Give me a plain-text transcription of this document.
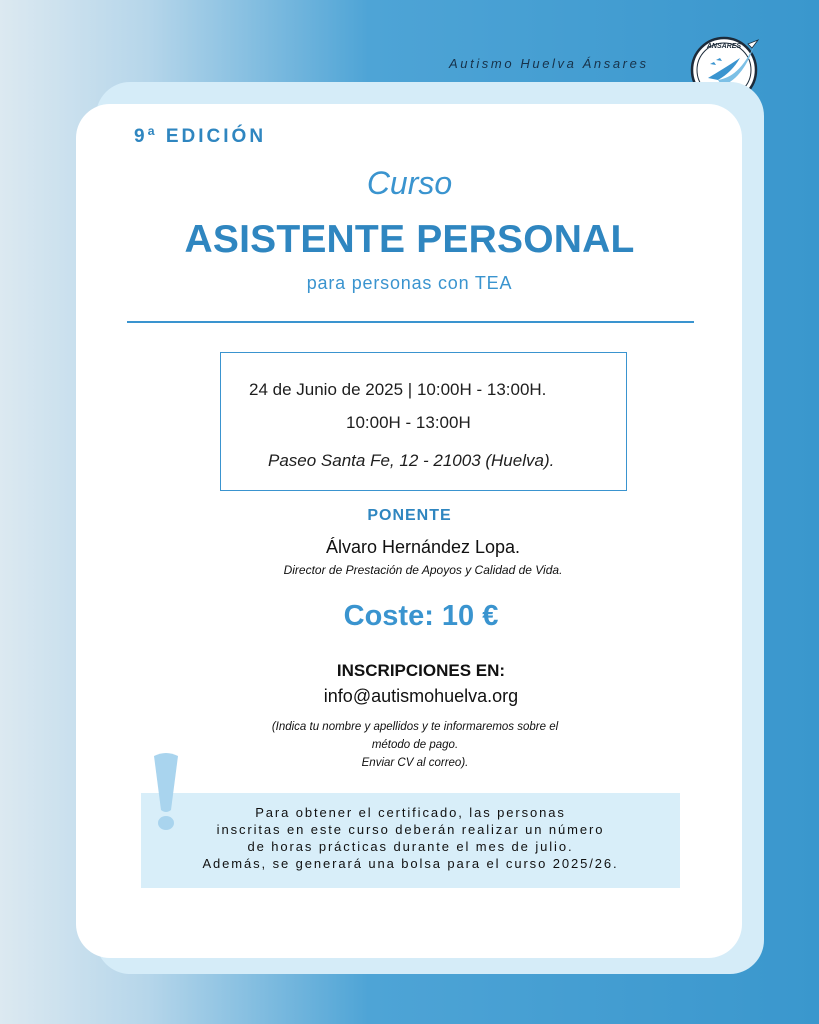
Autismo Huelva Ánsares
ÁNSARES
9ª EDICIÓN
Curso
ASISTENTE PERSONAL
para personas con TEA
24 de Junio de 2025 | 10:00H - 13:00H.
10:00H - 13:00H
Paseo Santa Fe, 12 - 21003 (Huelva).
PONENTE
Álvaro Hernández Lopa.
Director de Prestación de Apoyos y Calidad de Vida.
Coste: 10 €
INSCRIPCIONES EN:
info@autismohuelva.org
(Indica tu nombre y apellidos y te informaremos sobre el
método de pago.
Enviar CV al correo).
Para obtener el certificado, las personas
inscritas en este curso deberán realizar un número
de horas prácticas durante el mes de julio.
Además, se generará una bolsa para el curso 2025/26.
